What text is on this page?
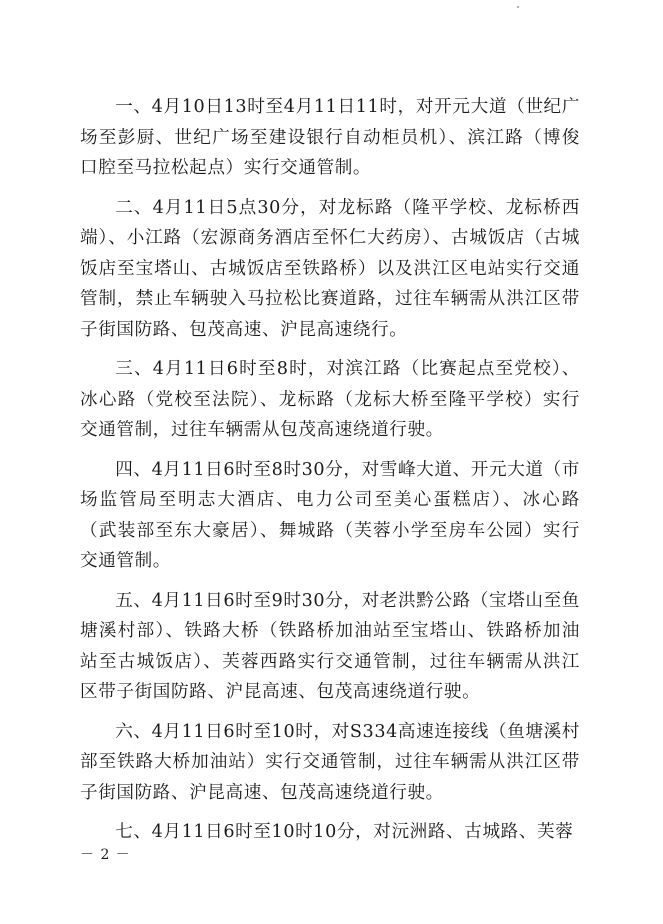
一、4月10日13时至4月11日11时，对开元大道（世纪广场至彭厨、世纪广场至建设银行自动柜员机）、滨江路（博俊口腔至马拉松起点）实行交通管制。

二、4月11日5点30分，对龙标路（隆平学校、龙标桥西端）、小江路（宏源商务酒店至怀仁大药房）、古城饭店（古城饭店至宝塔山、古城饭店至铁路桥）以及洪江区电站实行交通管制，禁止车辆驶入马拉松比赛道路，过往车辆需从洪江区带子街国防路、包茂高速、沪昆高速绕行。

三、4月11日6时至8时，对滨江路（比赛起点至党校）、冰心路（党校至法院）、龙标路（龙标大桥至隆平学校）实行交通管制，过往车辆需从包茂高速绕道行驶。

四、4月11日6时至8时30分，对雪峰大道、开元大道（市场监管局至明志大酒店、电力公司至美心蛋糕店）、冰心路（武装部至东大豪居）、舞城路（芙蓉小学至房车公园）实行交通管制。

五、4月11日6时至9时30分，对老洪黔公路（宝塔山至鱼塘溪村部）、铁路大桥（铁路桥加油站至宝塔山、铁路桥加油站至古城饭店）、芙蓉西路实行交通管制，过往车辆需从洪江区带子街国防路、沪昆高速、包茂高速绕道行驶。

六、4月11日6时至10时，对S334高速连接线（鱼塘溪村部至铁路大桥加油站）实行交通管制，过往车辆需从洪江区带子街国防路、沪昆高速、包茂高速绕道行驶。

七、4月11日6时至10时10分，对沅洲路、古城路、芙蓉

－ 2 －
